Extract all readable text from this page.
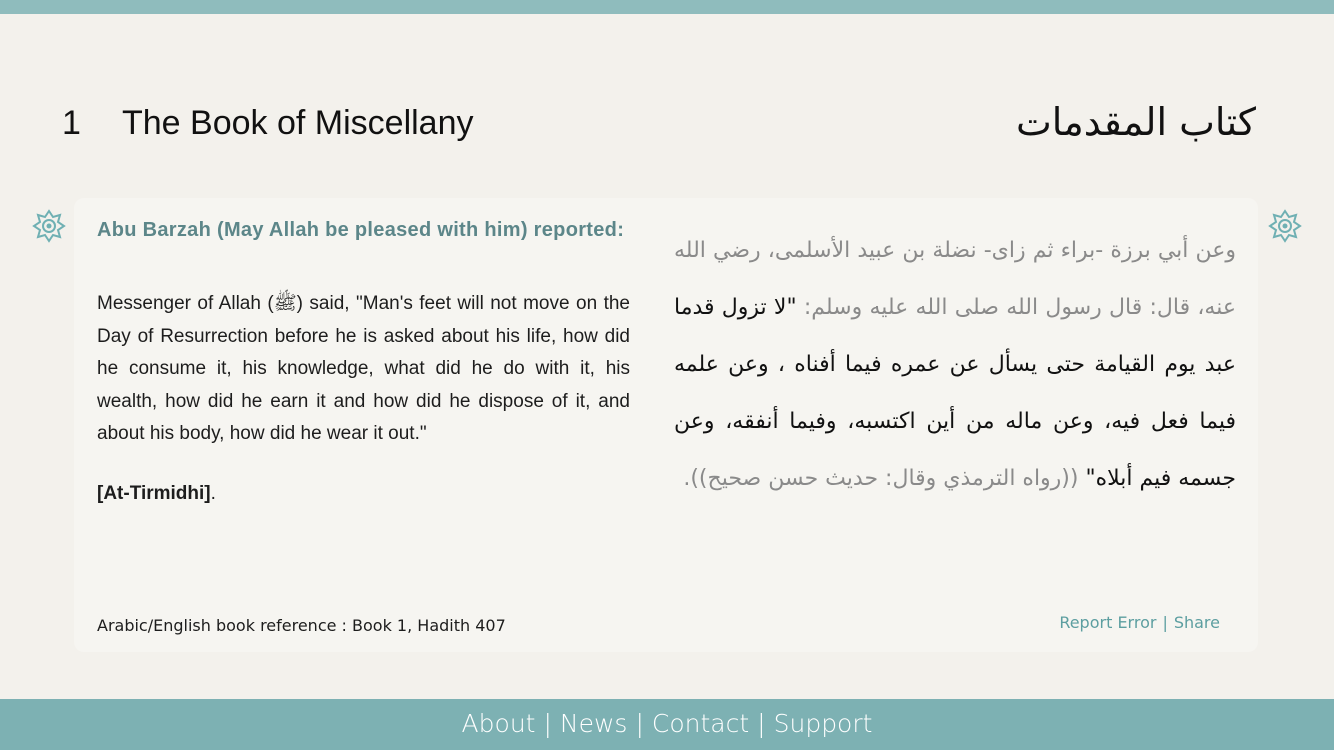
1 The Book of Miscellany	كتاب المقدمات
Abu Barzah (May Allah be pleased with him) reported:
Messenger of Allah (ﷺ) said, "Man's feet will not move on the Day of Resurrection before he is asked about his life, how did he consume it, his knowledge, what did he do with it, his wealth, how did he earn it and how did he dispose of it, and about his body, how did he wear it out."
[At-Tirmidhi].
Arabic/English book reference : Book 1, Hadith 407
وعن أبي برزة -براء ثم زاى- نضلة بن عبيد الأسلمى، رضي الله عنه، قال: قال رسول الله صلى الله عليه وسلم: "لا تزول قدما عبد يوم القيامة حتى يسأل عن عمره فيما أفناه ، وعن علمه فيما فعل فيه، وعن ماله من أين اكتسبه، وفيما أنفقه، وعن جسمه فيم أبلاه" ((رواه الترمذي وقال: حديث حسن صحيح)).
Report Error | Share
About | News | Contact | Support
